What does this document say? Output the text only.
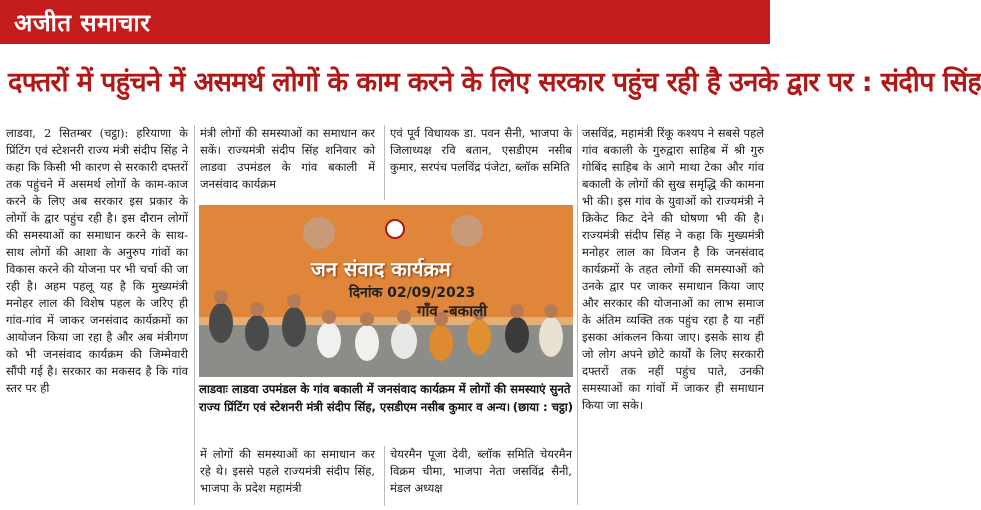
अजीत समाचार
दफ्तरों में पहुंचने में असमर्थ लोगों के काम करने के लिए सरकार पहुंच रही है उनके द्वार पर : संदीप सिंह

लाडवा, 2 सितम्बर (चट्ठा): हरियाणा के प्रिंटिंग एवं स्टेशनरी राज्य मंत्री संदीप सिंह ने कहा कि किसी भी कारण से सरकारी दफ्तरों तक पहुंचने में असमर्थ लोगों के काम-काज करने के लिए अब सरकार इस प्रकार के लोगों के द्वार पहुंच रही है। इस दौरान लोगों की समस्याओं का समाधान करने के साथ-साथ लोगों की आशा के अनुरुप गांवों का विकास करने की योजना पर भी चर्चा की जा रही है। अहम पहलू यह है कि मुख्यमंत्री मनोहर लाल की विशेष पहल के जरिए ही गांव-गांव में जाकर जनसंवाद कार्यक्रमों का आयोजन किया जा रहा है और अब मंत्रीगण को भी जनसंवाद कार्यक्रम की जिम्मेवारी सौंपी गई है। सरकार का मकसद है कि गांव स्तर पर ही

मंत्री लोगों की समस्याओं का समाधान कर सकें। राज्यमंत्री संदीप सिंह शनिवार को लाडवा उपमंडल के गांव बकाली में जनसंवाद कार्यक्रम

एवं पूर्व विधायक डा. पवन सैनी, भाजपा के जिलाध्यक्ष रवि बतान, एसडीएम नसीब कुमार, सरपंच पलविंद्र पंजेटा, ब्लॉक समिति

जसविंद्र, महामंत्री रिंकू कश्यप ने सबसे पहले गांव बकाली के गुरुद्वारा साहिब में श्री गुरु गोबिंद साहिब के आगे माथा टेका और गांव बकाली के लोगों की सुख समृद्धि की कामना भी की। इस गांव के युवाओं को राज्यमंत्री ने क्रिकेट किट देने की घोषणा भी की है। राज्यमंत्री संदीप सिंह ने कहा कि मुख्यमंत्री मनोहर लाल का विजन है कि जनसंवाद कार्यक्रमों के तहत लोगों की समस्याओं को उनके द्वार पर जाकर समाधान किया जाए और सरकार की योजनाओं का लाभ समाज के अंतिम व्यक्ति तक पहुंच रहा है या नहीं इसका आंकलन किया जाए। इसके साथ ही जो लोग अपने छोटे कार्यों के लिए सरकारी दफ्तरों तक नहीं पहुंच पाते, उनकी समस्याओं का गांवों में जाकर ही समाधान किया जा सके।

जन संवाद कार्यक्रम
दिनांक 02/09/2023
गाँव -बकाली
लाडवाः लाडवा उपमंडल के गांव बकाली में जनसंवाद कार्यक्रम में लोगों की समस्याएं सुनते राज्य प्रिंटिंग एवं स्टेशनरी मंत्री संदीप सिंह, एसडीएम नसीब कुमार व अन्य। (छाया : चट्ठा)

में लोगों की समस्याओं का समाधान कर रहे थे। इससे पहले राज्यमंत्री संदीप सिंह, भाजपा के प्रदेश महामंत्री

चेयरमैन पूजा देवी, ब्लॉक समिति चेयरमैन विक्रम चीमा, भाजपा नेता जसविंद्र सैनी, मंडल अध्यक्ष
